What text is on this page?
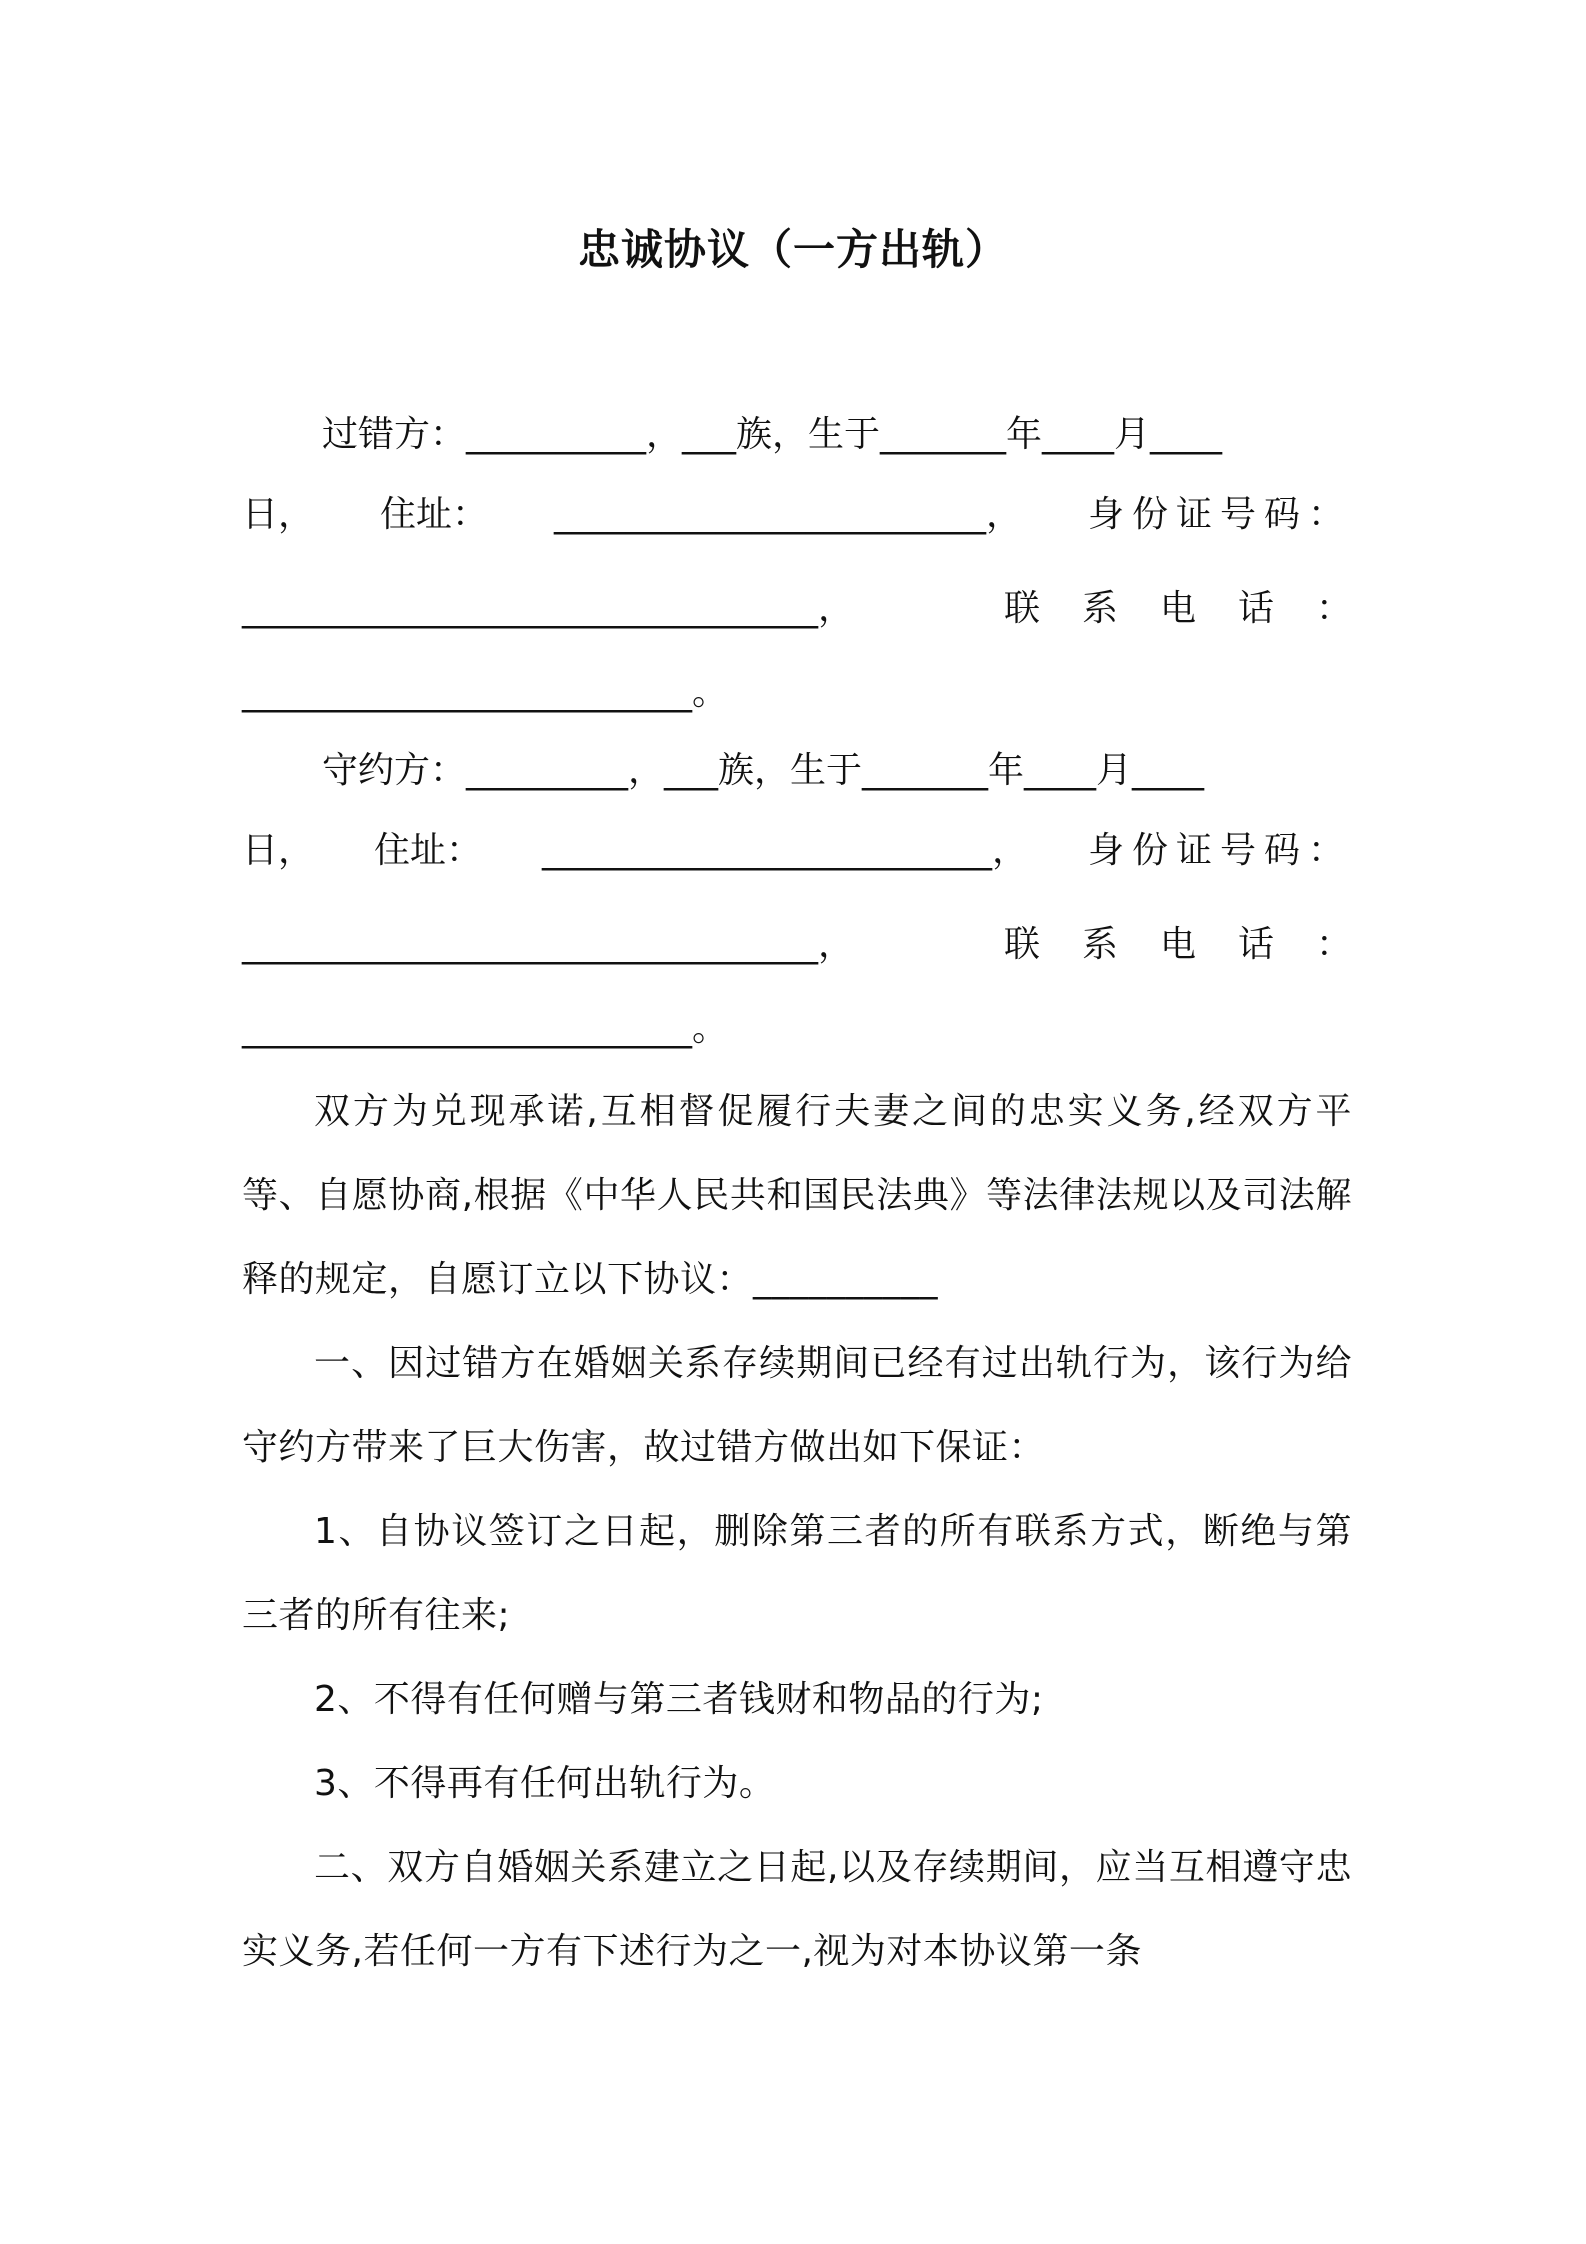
忠诚协议（一方出轨）
过错方：__________，___族，生于_______年____月____
日， 住址： ________________________， 身份证号码：
________________________________，	联系电话：
_________________________。
守约方：_________，___族，生于_______年____月____
日， 住址： _________________________， 身份证号码：
________________________________，	联系电话：
_________________________。
双方为兑现承诺,互相督促履行夫妻之间的忠实义务,经双方平等、自愿协商,根据《中华人民共和国民法典》等法律法规以及司法解释的规定，自愿订立以下协议：__________
一、因过错方在婚姻关系存续期间已经有过出轨行为，该行为给守约方带来了巨大伤害，故过错方做出如下保证：
1、自协议签订之日起，删除第三者的所有联系方式，断绝与第三者的所有往来;
2、不得有任何赠与第三者钱财和物品的行为;
3、不得再有任何出轨行为。
二、双方自婚姻关系建立之日起,以及存续期间，应当互相遵守忠实义务,若任何一方有下述行为之一,视为对本协议第一条
